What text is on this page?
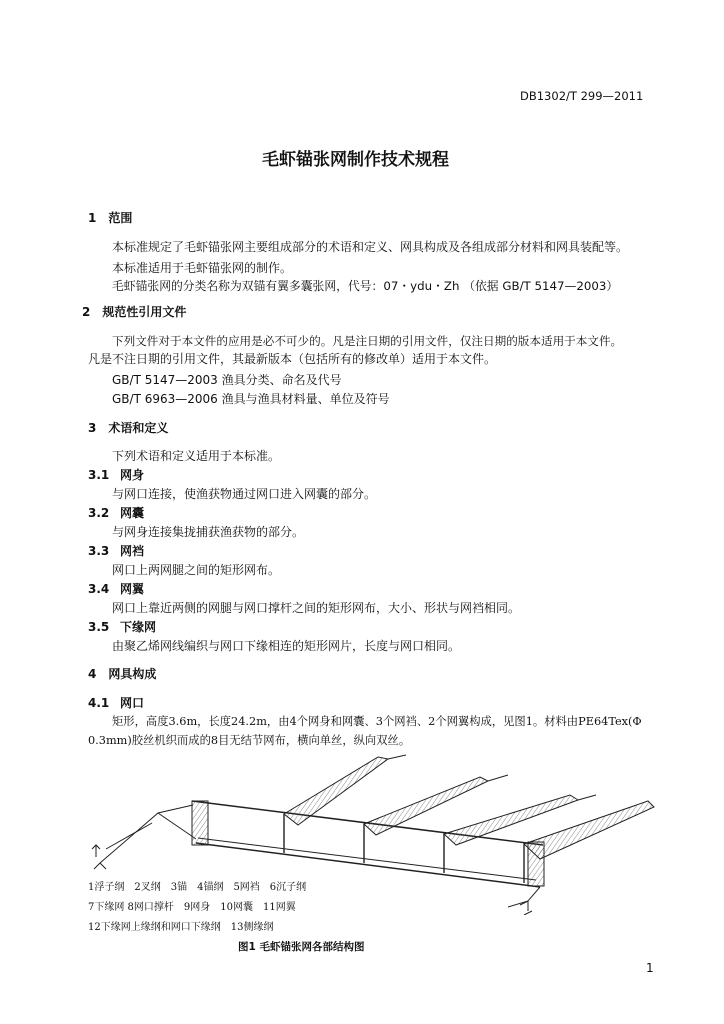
DB1302/T 299—2011
毛虾锚张网制作技术规程
1　范围
本标准规定了毛虾锚张网主要组成部分的术语和定义、网具构成及各组成部分材料和网具装配等。
本标准适用于毛虾锚张网的制作。
毛虾锚张网的分类名称为双锚有翼多囊张网，代号：07・ydu・Zh （依据 GB/T 5147—2003）
2　规范性引用文件
下列文件对于本文件的应用是必不可少的。凡是注日期的引用文件，仅注日期的版本适用于本文件。
凡是不注日期的引用文件，其最新版本（包括所有的修改单）适用于本文件。
GB/T 5147—2003 渔具分类、命名及代号
GB/T 6963—2006 渔具与渔具材料量、单位及符号
3　术语和定义
下列术语和定义适用于本标准。
3.1 网身
与网口连接，使渔获物通过网口进入网囊的部分。
3.2 网囊
与网身连接集拢捕获渔获物的部分。
3.3 网裆
网口上两网腿之间的矩形网布。
3.4 网翼
网口上靠近两侧的网腿与网口撑杆之间的矩形网布，大小、形状与网裆相同。
3.5 下缘网
由聚乙烯网线编织与网口下缘相连的矩形网片，长度与网口相同。
4　网具构成
4.1 网口
矩形，高度3.6m，长度24.2m，由4个网身和网囊、3个网裆、2个网翼构成，见图1。材料由PE64Tex(Φ
0.3mm)胶丝机织而成的8目无结节网布，横向单丝，纵向双丝。
1浮子纲　2叉纲　3锚　4锚纲　5网裆　6沉子纲
7下缘网 8网口撑杆　9网身　10网囊　11网翼
12下缘网上缘纲和网口下缘纲　13侧缘纲
图1 毛虾锚张网各部结构图
1
